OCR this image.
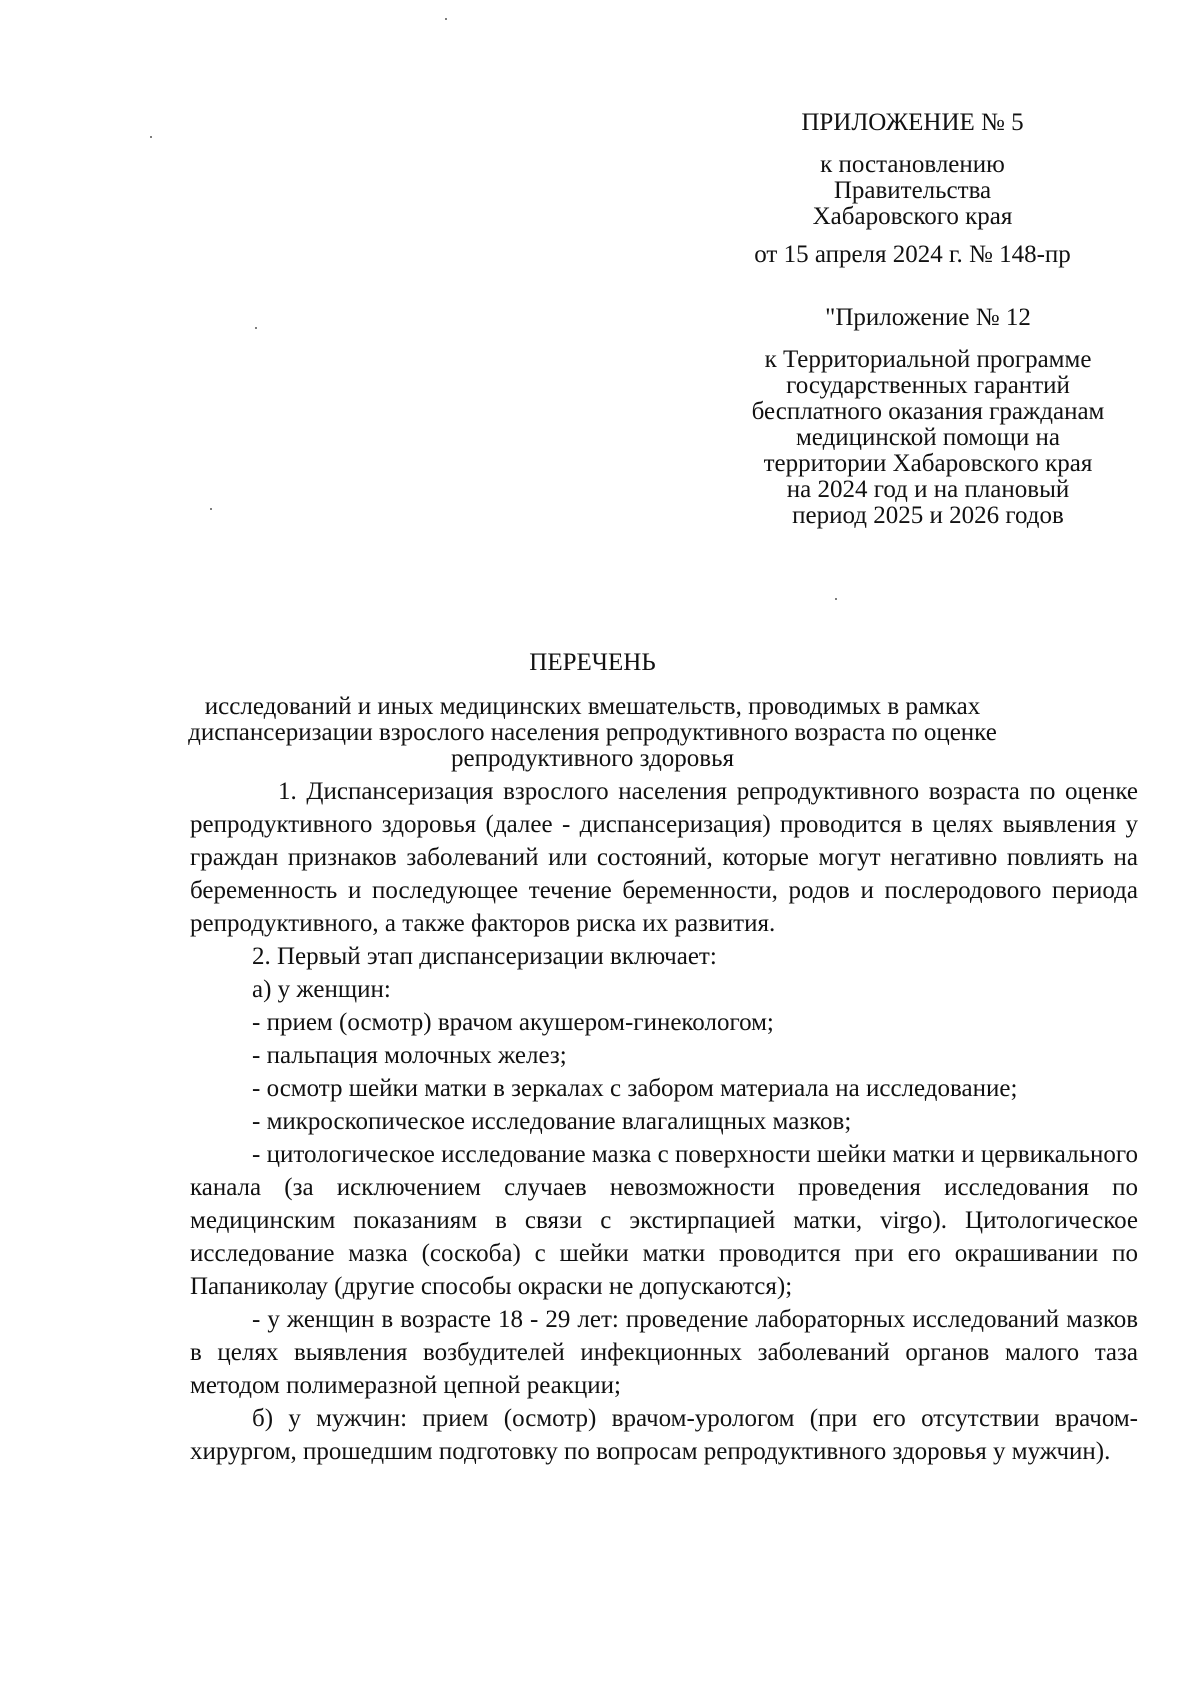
ПРИЛОЖЕНИЕ № 5

к постановлению

Правительства

Хабаровского края

от 15 апреля 2024 г. № 148-пр

"Приложение № 12

к Территориальной программе

государственных гарантий

бесплатного оказания гражданам

медицинской помощи на

территории Хабаровского края

на 2024 год и на плановый

период 2025 и 2026 годов

ПЕРЕЧЕНЬ

исследований и иных медицинских вмешательств, проводимых в рамках

диспансеризации взрослого населения репродуктивного возраста по оценке

репродуктивного здоровья

1. Диспансеризация взрослого населения репродуктивного возраста по оценке репродуктивного здоровья (далее - диспансеризация) проводится в целях выявления у граждан признаков заболеваний или состояний, которые могут негативно повлиять на беременность и последующее течение беременности, родов и послеродового периода репродуктивного, а также факторов риска их развития.

2. Первый этап диспансеризации включает:

а) у женщин:

- прием (осмотр) врачом акушером-гинекологом;

- пальпация молочных желез;

- осмотр шейки матки в зеркалах с забором материала на исследование;

- микроскопическое исследование влагалищных мазков;

- цитологическое исследование мазка с поверхности шейки матки и цервикального канала (за исключением случаев невозможности проведения исследования по медицинским показаниям в связи с экстирпацией матки, virgo). Цитологическое исследование мазка (соскоба) с шейки матки проводится при его окрашивании по Папаниколау (другие способы окраски не допускаются);

- у женщин в возрасте 18 - 29 лет: проведение лабораторных исследований мазков в целях выявления возбудителей инфекционных заболеваний органов малого таза методом полимеразной цепной реакции;

б) у мужчин: прием (осмотр) врачом-урологом (при его отсутствии врачом-хирургом, прошедшим подготовку по вопросам репродуктивного здоровья у мужчин).
